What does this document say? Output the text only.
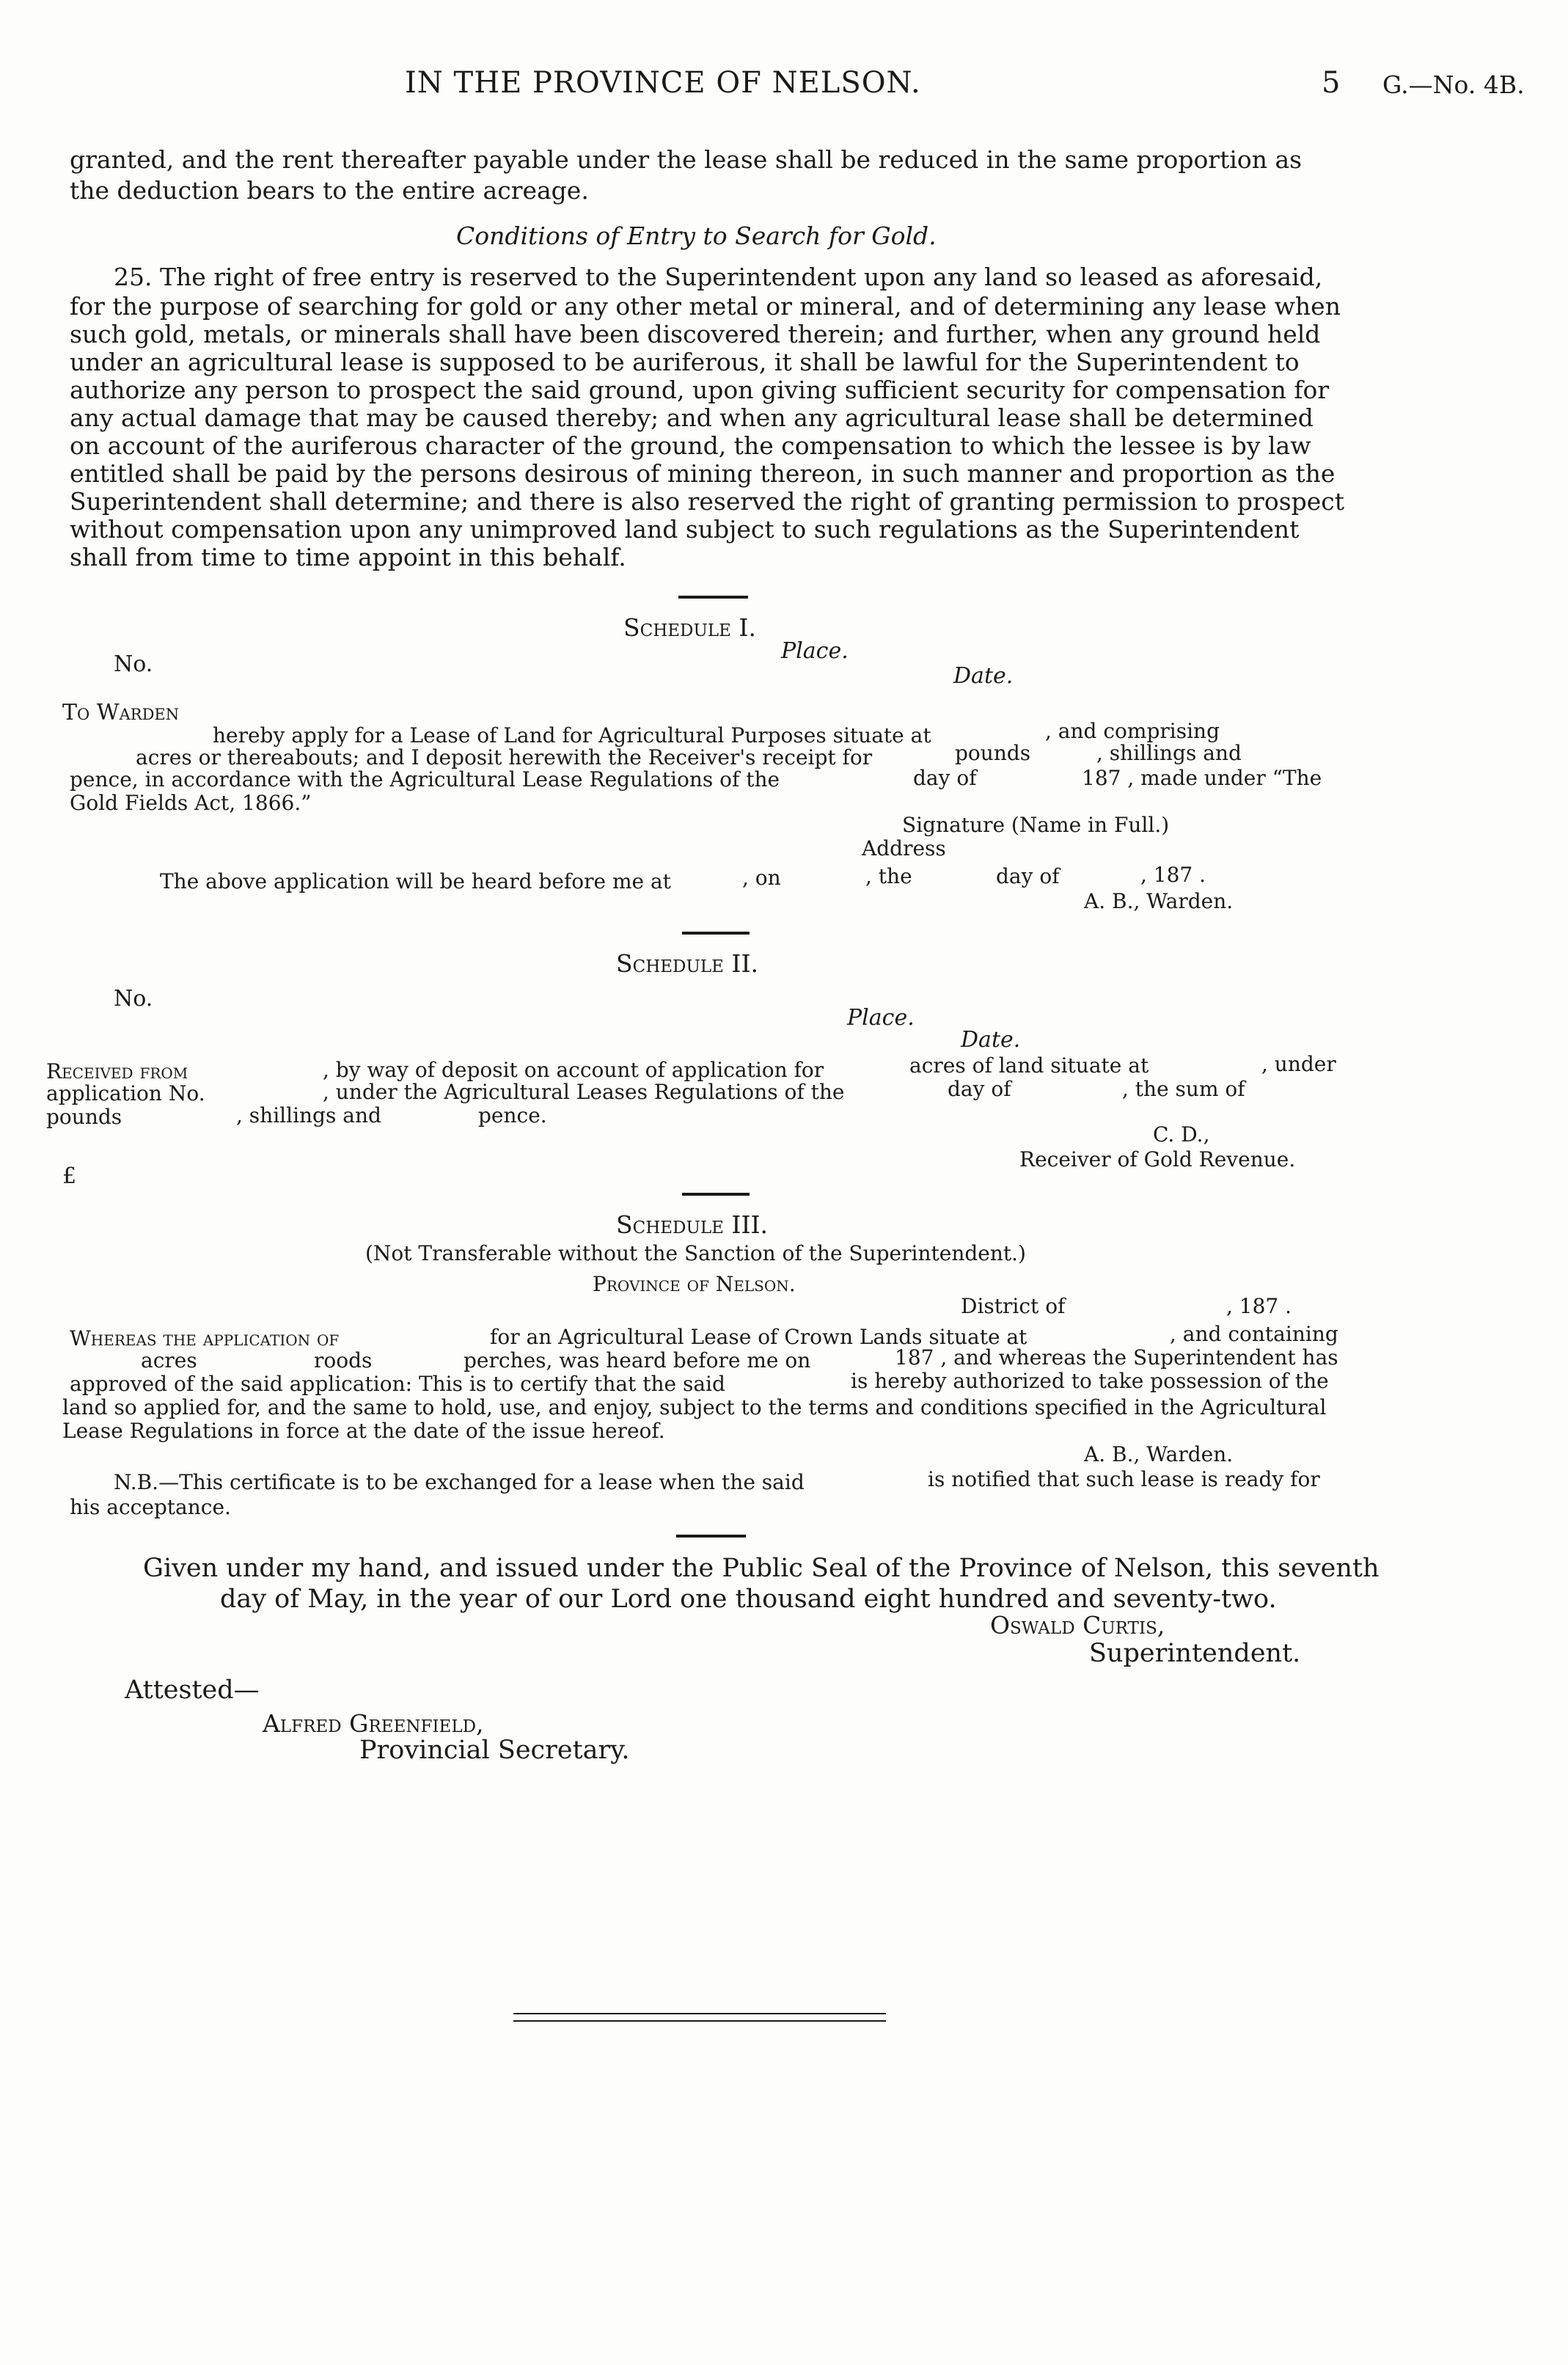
IN THE PROVINCE OF NELSON.	5 G.—No. 4B.
granted, and the rent thereafter payable under the lease shall be reduced in the same proportion as
the deduction bears to the entire acreage.
Conditions of Entry to Search for Gold.
25. The right of free entry is reserved to the Superintendent upon any land so leased as aforesaid,
for the purpose of searching for gold or any other metal or mineral, and of determining any lease when
such gold, metals, or minerals shall have been discovered therein; and further, when any ground held
under an agricultural lease is supposed to be auriferous, it shall be lawful for the Superintendent to
authorize any person to prospect the said ground, upon giving sufficient security for compensation for
any actual damage that may be caused thereby; and when any agricultural lease shall be determined
on account of the auriferous character of the ground, the compensation to which the lessee is by law
entitled shall be paid by the persons desirous of mining thereon, in such manner and proportion as the
Superintendent shall determine; and there is also reserved the right of granting permission to prospect
without compensation upon any unimproved land subject to such regulations as the Superintendent
shall from time to time appoint in this behalf.
Schedule I.
No.
Place.
Date.
To Warden
hereby apply for a Lease of Land for Agricultural Purposes situate at	, and comprising
acres or thereabouts; and I deposit herewith the Receiver's receipt for	pounds	, shillings and
pence, in accordance with the Agricultural Lease Regulations of the	day of	187 , made under “The
Gold Fields Act, 1866.”
Signature (Name in Full.)
Address
The above application will be heard before me at	, on	, the	day of	, 187 .
A. B., Warden.
Schedule II.
No.
Place.
Date.
Received from	, by way of deposit on account of application for	acres of land situate at	, under
application No.	, under the Agricultural Leases Regulations of the	day of	, the sum of
pounds	, shillings and	pence.
C. D.,
Receiver of Gold Revenue.
£
Schedule III.
(Not Transferable without the Sanction of the Superintendent.)
Province of Nelson.
District of	, 187 .
Whereas the application of	for an Agricultural Lease of Crown Lands situate at	, and containing
acres	roods	perches, was heard before me on	187 , and whereas the Superintendent has
approved of the said application: This is to certify that the said	is hereby authorized to take possession of the
land so applied for, and the same to hold, use, and enjoy, subject to the terms and conditions specified in the Agricultural
Lease Regulations in force at the date of the issue hereof.
A. B., Warden.
N.B.—This certificate is to be exchanged for a lease when the said	is notified that such lease is ready for
his acceptance.
Given under my hand, and issued under the Public Seal of the Province of Nelson, this seventh
day of May, in the year of our Lord one thousand eight hundred and seventy-two.
Oswald Curtis,
Superintendent.
Attested—
Alfred Greenfield,
Provincial Secretary.
